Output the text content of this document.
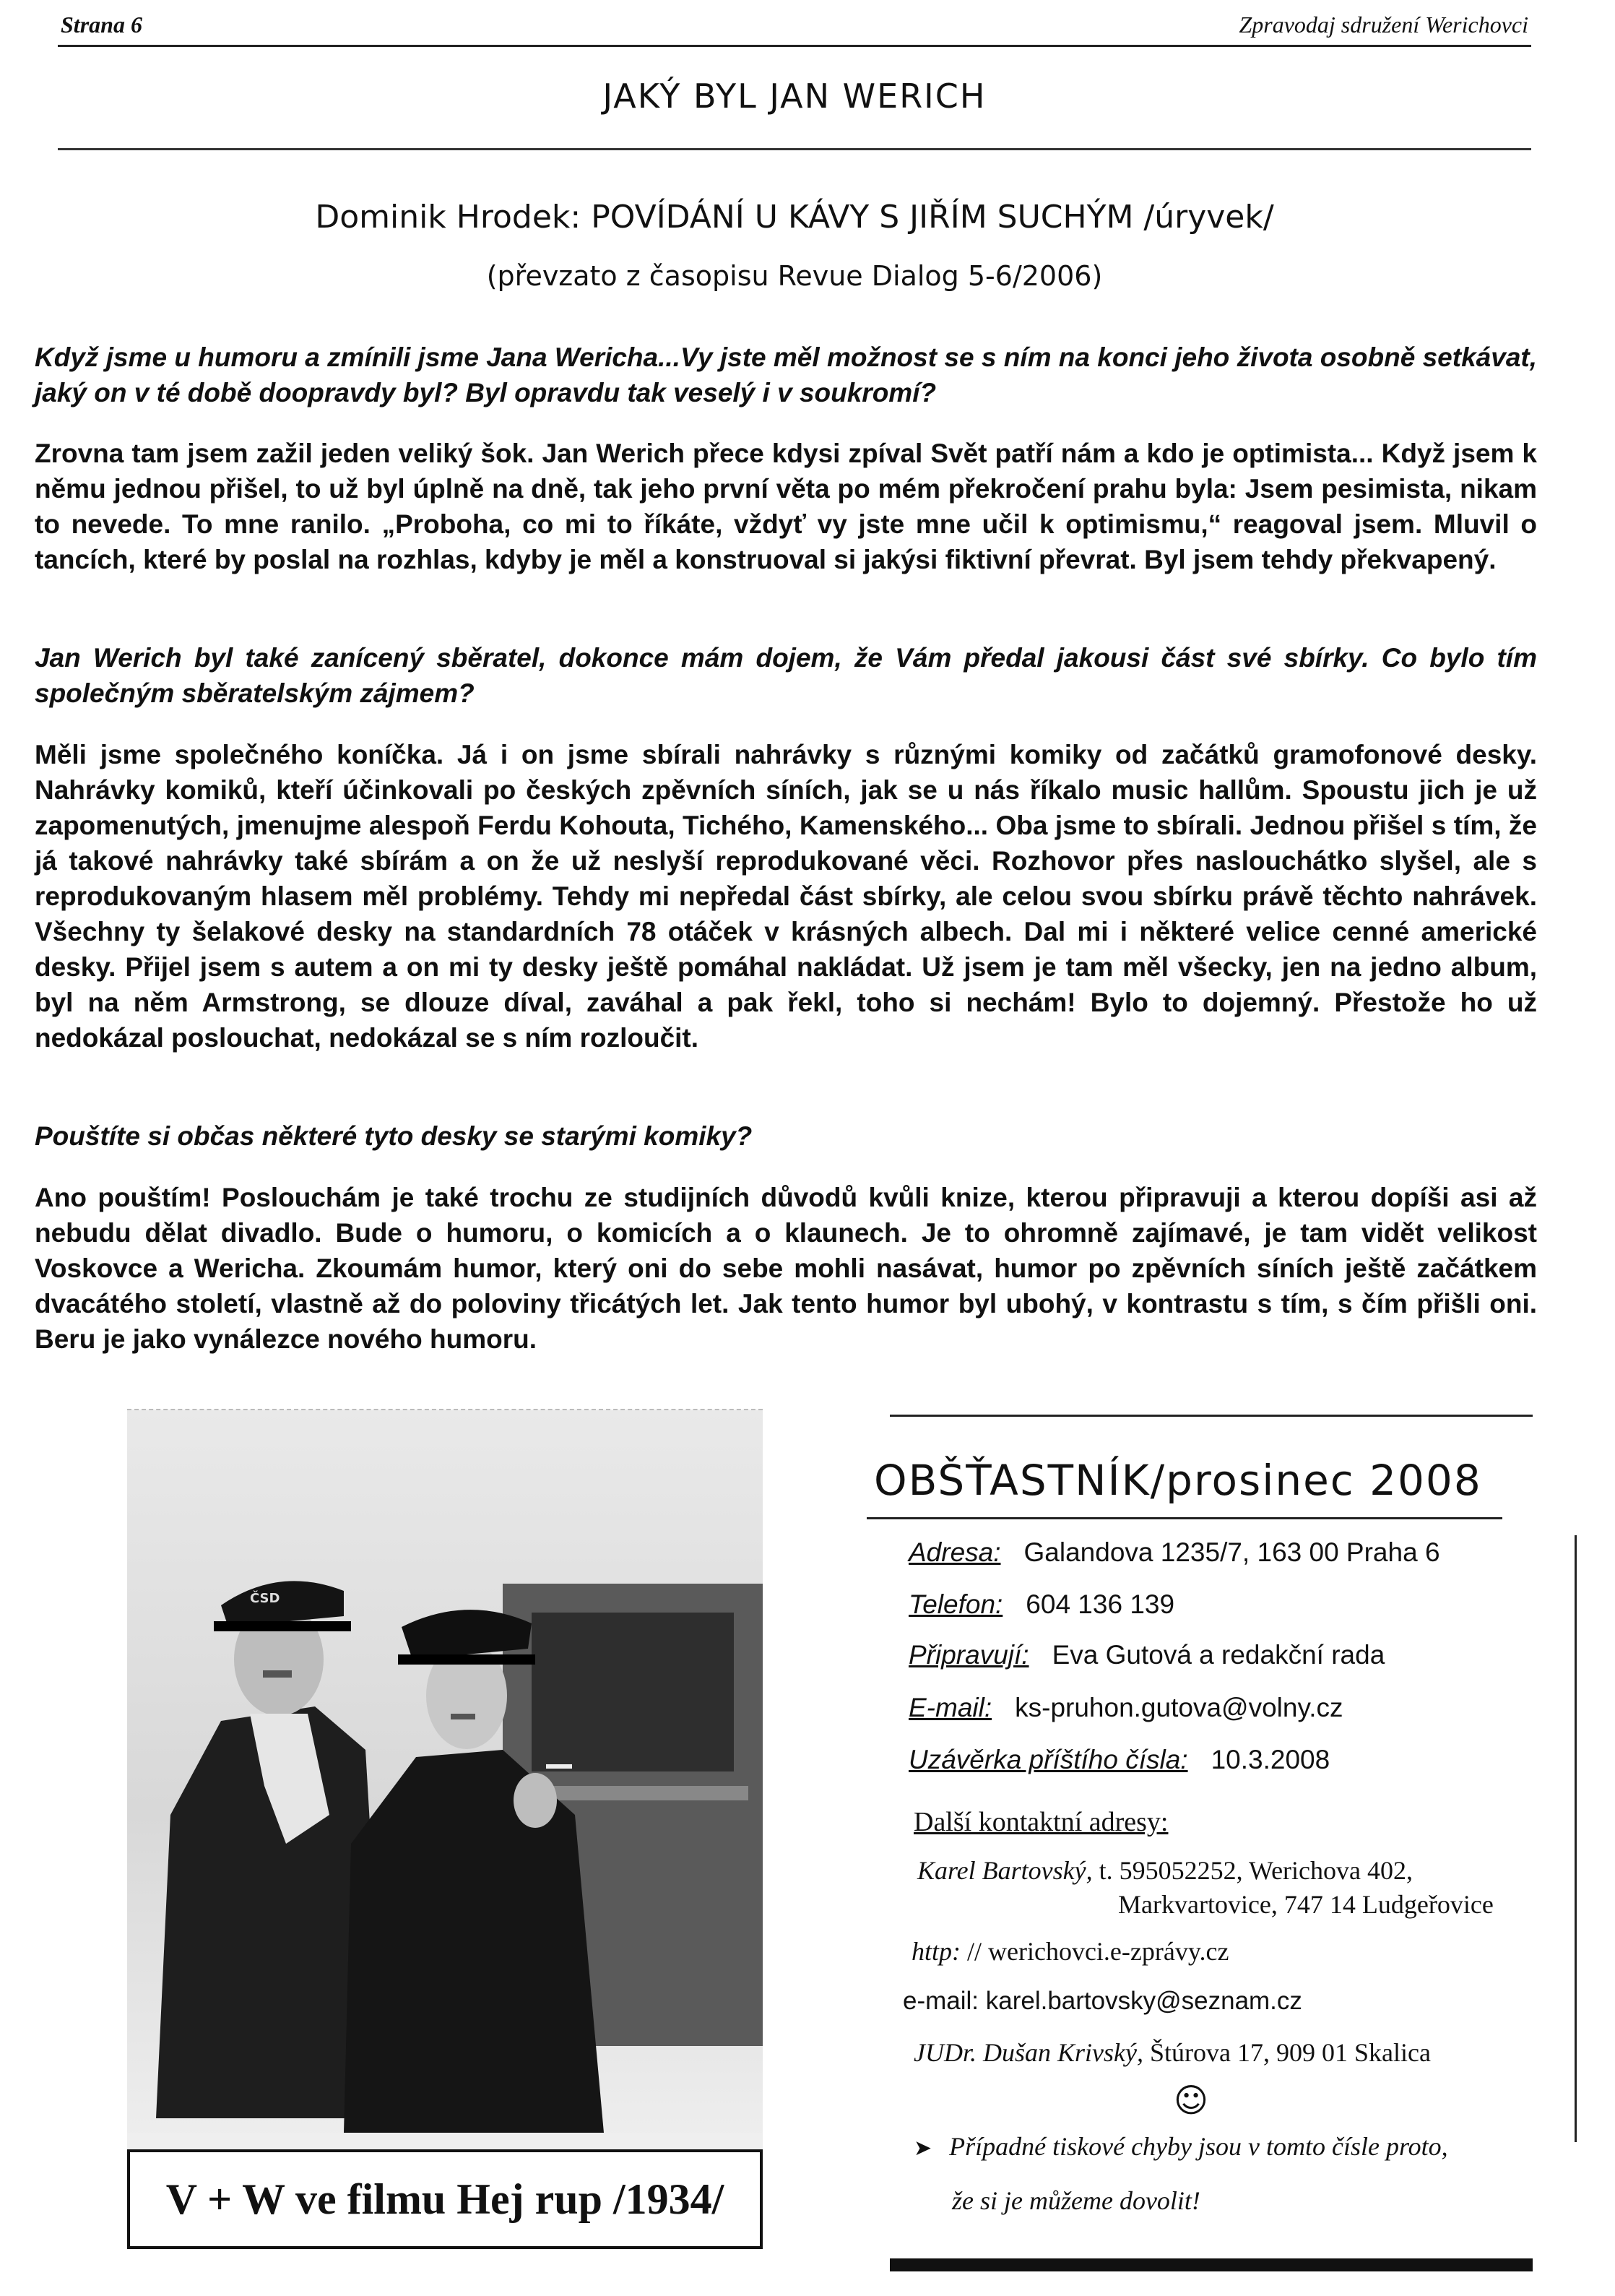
Strana 6	Zpravodaj sdružení Werichovci
JAKÝ BYL JAN WERICH
Dominik Hrodek: POVÍDÁNÍ U KÁVY S JIŘÍM SUCHÝM /úryvek/
(převzato z časopisu Revue Dialog 5-6/2006)

Když jsme u humoru a zmínili jsme Jana Wericha...Vy jste měl možnost se s ním na konci jeho života osobně setkávat, jaký on v té době doopravdy byl? Byl opravdu tak veselý i v soukromí?

Zrovna tam jsem zažil jeden veliký šok. Jan Werich přece kdysi zpíval Svět patří nám a kdo je optimista... Když jsem k němu jednou přišel, to už byl úplně na dně, tak jeho první věta po mém překročení prahu byla: Jsem pesimista, nikam to nevede. To mne ranilo. „Proboha, co mi to říkáte, vždyť vy jste mne učil k optimismu,“ reagoval jsem. Mluvil o tancích, které by poslal na rozhlas, kdyby je měl a konstruoval si jakýsi fiktivní převrat. Byl jsem tehdy překvapený.

Jan Werich byl také zanícený sběratel, dokonce mám dojem, že Vám předal jakousi část své sbírky. Co bylo tím společným sběratelským zájmem?

Měli jsme společného koníčka. Já i on jsme sbírali nahrávky s různými komiky od začátků gramofonové desky. Nahrávky komiků, kteří účinkovali po českých zpěvních síních, jak se u nás říkalo music hallům. Spoustu jich je už zapomenutých, jmenujme alespoň Ferdu Kohouta, Tichého, Kamenského... Oba jsme to sbírali. Jednou přišel s tím, že já takové nahrávky také sbírám a on že už neslyší reprodukované věci. Rozhovor přes naslouchátko slyšel, ale s reprodukovaným hlasem měl problémy. Tehdy mi nepředal část sbírky, ale celou svou sbírku právě těchto nahrávek. Všechny ty šelakové desky na standardních 78 otáček v krásných albech. Dal mi i některé velice cenné americké desky. Přijel jsem s autem a on mi ty desky ještě pomáhal nakládat. Už jsem je tam měl všecky, jen na jedno album, byl na něm Armstrong, se dlouze díval, zaváhal a pak řekl, toho si nechám! Bylo to dojemný. Přestože ho už nedokázal poslouchat, nedokázal se s ním rozloučit.

Pouštíte si občas některé tyto desky se starými komiky?

Ano pouštím! Poslouchám je také trochu ze studijních důvodů kvůli knize, kterou připravuji a kterou dopíši asi až nebudu dělat divadlo. Bude o humoru, o komicích a o klaunech. Je to ohromně zajímavé, je tam vidět velikost Voskovce a Wericha. Zkoumám humor, který oni do sebe mohli nasávat, humor po zpěvních síních ještě začátkem dvacátého století, vlastně až do poloviny třicátých let. Jak tento humor byl ubohý, v kontrastu s tím, s čím přišli oni. Beru je jako vynálezce nového humoru.

ČSD
V + W ve filmu Hej rup /1934/
OBŠŤASTNÍK/prosinec 2008
Adresa: Galandova 1235/7, 163 00 Praha 6
Telefon: 604 136 139
Připravují: Eva Gutová a redakční rada
E-mail: ks-pruhon.gutova@volny.cz
Uzávěrka příštího čísla: 10.3.2008
Další kontaktní adresy:
Karel Bartovský, t. 595052252, Werichova 402,
Markvartovice, 747 14 Ludgeřovice
http: // werichovci.e-zprávy.cz
e-mail: karel.bartovsky@seznam.cz
JUDr. Dušan Krivský, Štúrova 17, 909 01 Skalica
☺
➤ Případné tiskové chyby jsou v tomto čísle proto,
že si je můžeme dovolit!
